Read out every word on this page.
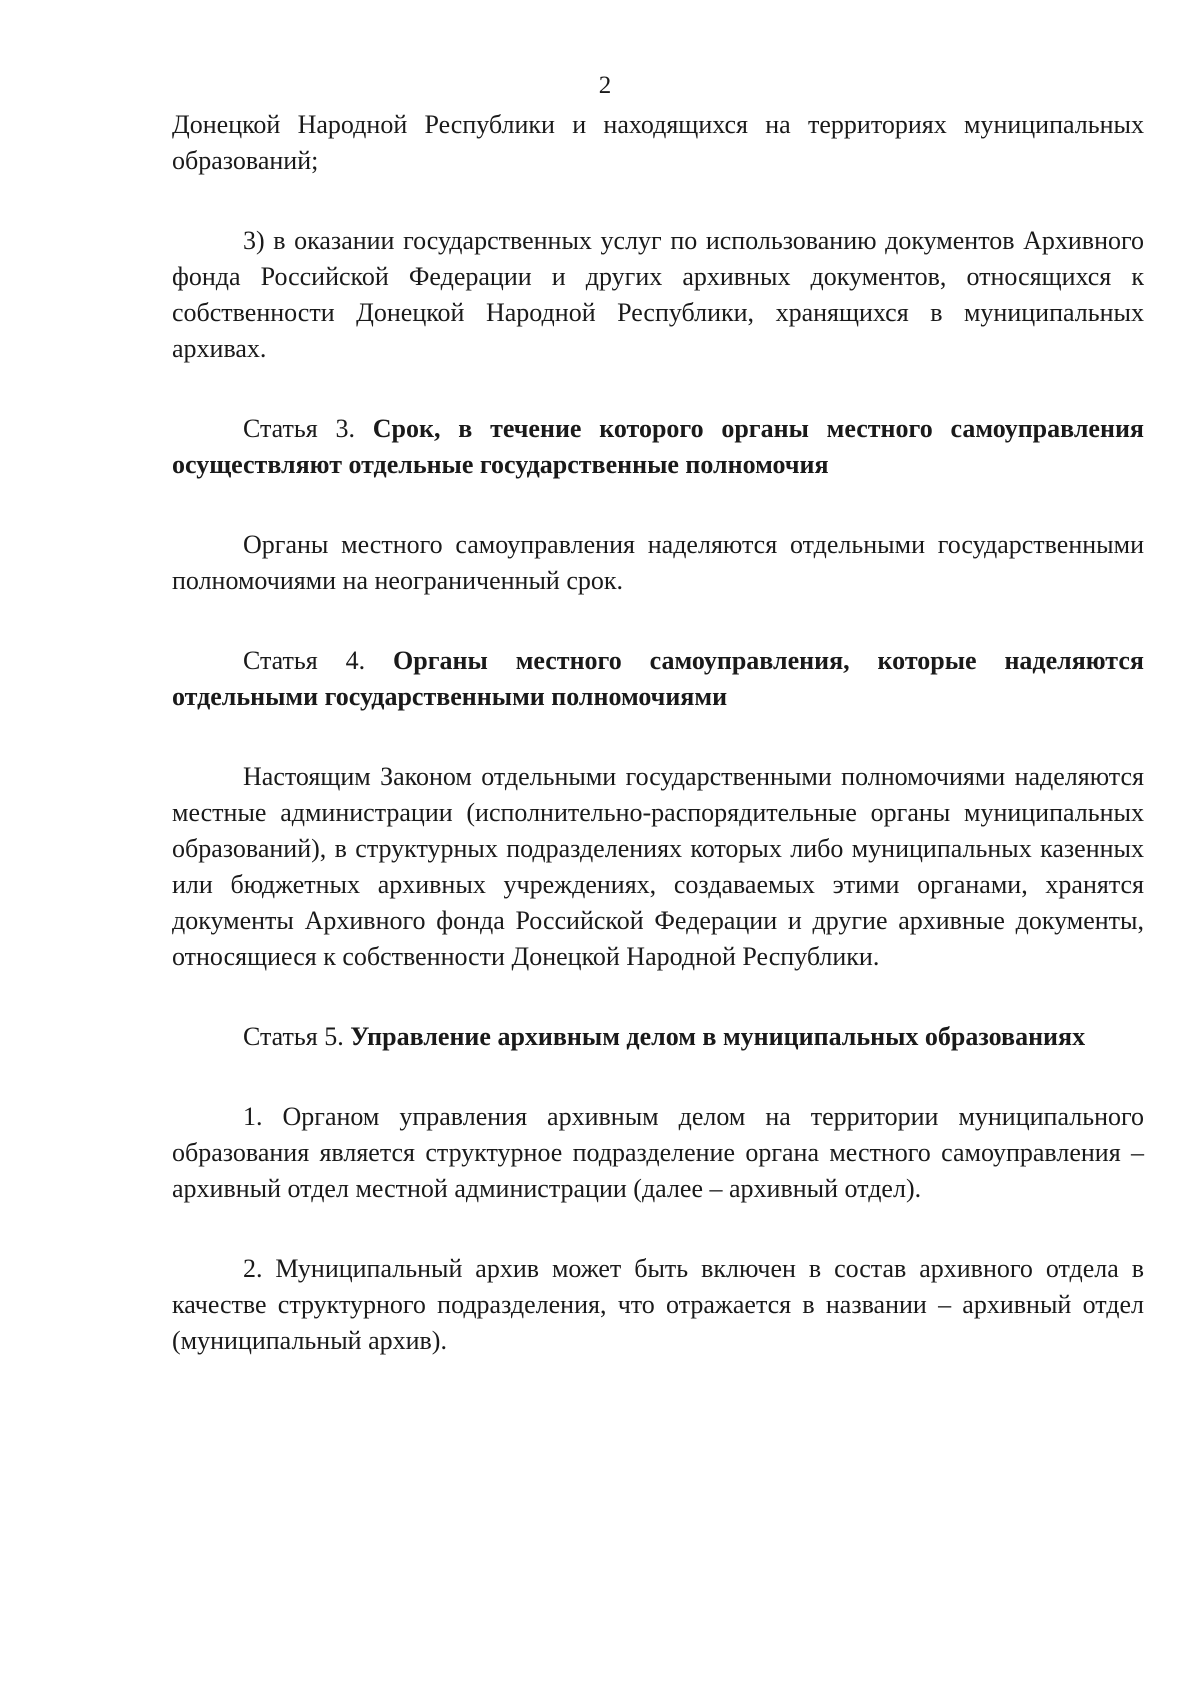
2

Донецкой Народной Республики и находящихся на территориях муниципальных образований;

3) в оказании государственных услуг по использованию документов Архивного фонда Российской Федерации и других архивных документов, относящихся к собственности Донецкой Народной Республики, хранящихся в муниципальных архивах.

Статья 3. Срок, в течение которого органы местного самоуправления осуществляют отдельные государственные полномочия

Органы местного самоуправления наделяются отдельными государственными полномочиями на неограниченный срок.

Статья 4. Органы местного самоуправления, которые наделяются отдельными государственными полномочиями

Настоящим Законом отдельными государственными полномочиями наделяются местные администрации (исполнительно-распорядительные органы муниципальных образований), в структурных подразделениях которых либо муниципальных казенных или бюджетных архивных учреждениях, создаваемых этими органами, хранятся документы Архивного фонда Российской Федерации и другие архивные документы, относящиеся к собственности Донецкой Народной Республики.

Статья 5. Управление архивным делом в муниципальных образованиях

1. Органом управления архивным делом на территории муниципального образования является структурное подразделение органа местного самоуправления – архивный отдел местной администрации (далее – архивный отдел).

2. Муниципальный архив может быть включен в состав архивного отдела в качестве структурного подразделения, что отражается в названии – архивный отдел (муниципальный архив).
